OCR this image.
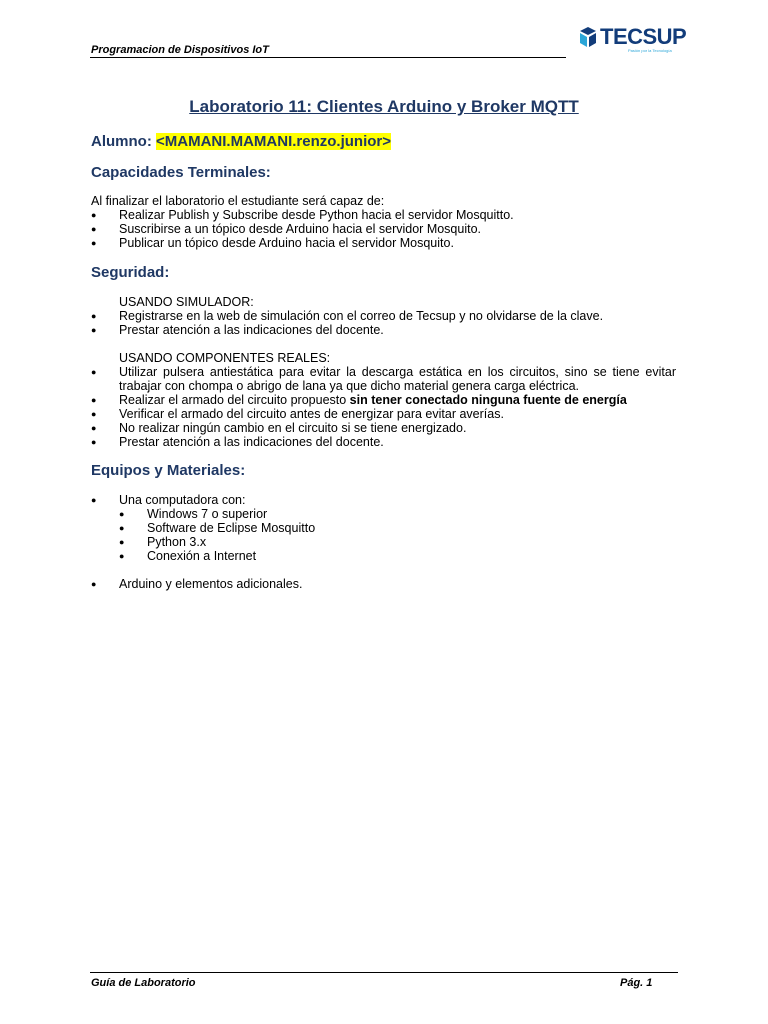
Programacion de Dispositivos IoT
TECSUP
Pasión por la Tecnología
Laboratorio 11: Clientes Arduino y Broker MQTT
Alumno: <MAMANI.MAMANI.renzo.junior>
Capacidades Terminales:
Al finalizar el laboratorio el estudiante será capaz de:
● Realizar Publish y Subscribe desde Python hacia el servidor Mosquitto.
● Suscribirse a un tópico desde Arduino hacia el servidor Mosquito.
● Publicar un tópico desde Arduino hacia el servidor Mosquito.
Seguridad:
USANDO SIMULADOR:
● Registrarse en la web de simulación con el correo de Tecsup y no olvidarse de la clave.
● Prestar atención a las indicaciones del docente.
USANDO COMPONENTES REALES:
● Utilizar pulsera antiestática para evitar la descarga estática en los circuitos, sino se tiene evitar trabajar con chompa o abrigo de lana ya que dicho material genera carga eléctrica.
● Realizar el armado del circuito propuesto sin tener conectado ninguna fuente de energía
● Verificar el armado del circuito antes de energizar para evitar averías.
● No realizar ningún cambio en el circuito si se tiene energizado.
● Prestar atención a las indicaciones del docente.
Equipos y Materiales:
● Una computadora con:
● Windows 7 o superior
● Software de Eclipse Mosquitto
● Python 3.x
● Conexión a Internet
● Arduino y elementos adicionales.
Guía de Laboratorio	Pág. 1
